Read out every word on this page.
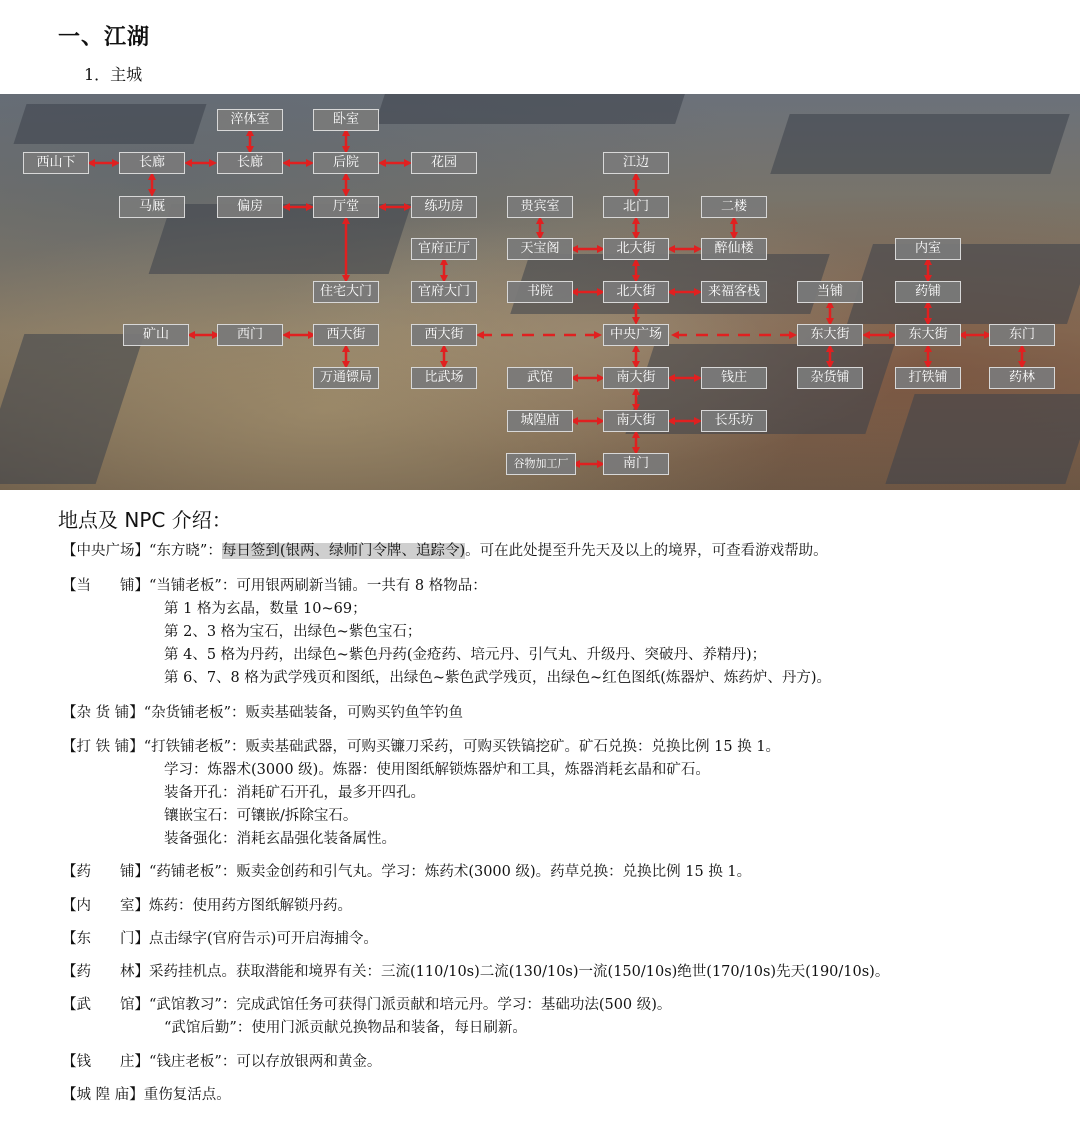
一、江湖
1．主城
淬体室	卧室
西山下	长廊	长廊	后院	花园	江边
马厩	偏房	厅堂	练功房	贵宾室	北门	二楼
官府正厅	天宝阁	北大街	醉仙楼	内室
住宅大门	官府大门	书院	北大街	来福客栈	当铺	药铺
矿山	西门	西大街	西大街	中央广场	东大街	东大街	东门
万通镖局	比武场	武馆	南大街	钱庄	杂货铺	打铁铺	药林
城隍庙	南大街	长乐坊
谷物加工厂	南门
地点及 NPC 介绍：
【中央广场】“东方晓”：每日签到(银两、绿师门令牌、追踪令)。可在此处提至升先天及以上的境界，可查看游戏帮助。
【当　　铺】“当铺老板”：可用银两刷新当铺。一共有 8 格物品：
第 1 格为玄晶，数量 10~69；
第 2、3 格为宝石，出绿色~紫色宝石；
第 4、5 格为丹药，出绿色~紫色丹药(金疮药、培元丹、引气丸、升级丹、突破丹、养精丹)；
第 6、7、8 格为武学残页和图纸，出绿色~紫色武学残页，出绿色~红色图纸(炼器炉、炼药炉、丹方)。
【杂 货 铺】“杂货铺老板”：贩卖基础装备，可购买钓鱼竿钓鱼
【打 铁 铺】“打铁铺老板”：贩卖基础武器，可购买镰刀采药，可购买铁镐挖矿。矿石兑换：兑换比例 15 换 1。
学习：炼器术(3000 级)。炼器：使用图纸解锁炼器炉和工具，炼器消耗玄晶和矿石。
装备开孔：消耗矿石开孔，最多开四孔。
镶嵌宝石：可镶嵌/拆除宝石。
装备强化：消耗玄晶强化装备属性。
【药　　铺】“药铺老板”：贩卖金创药和引气丸。学习：炼药术(3000 级)。药草兑换：兑换比例 15 换 1。
【内　　室】炼药：使用药方图纸解锁丹药。
【东　　门】点击绿字(官府告示)可开启海捕令。
【药　　林】采药挂机点。获取潜能和境界有关：三流(110/10s)二流(130/10s)一流(150/10s)绝世(170/10s)先天(190/10s)。
【武　　馆】“武馆教习”：完成武馆任务可获得门派贡献和培元丹。学习：基础功法(500 级)。
“武馆后勤”：使用门派贡献兑换物品和装备，每日刷新。
【钱　　庄】“钱庄老板”：可以存放银两和黄金。
【城 隍 庙】重伤复活点。
